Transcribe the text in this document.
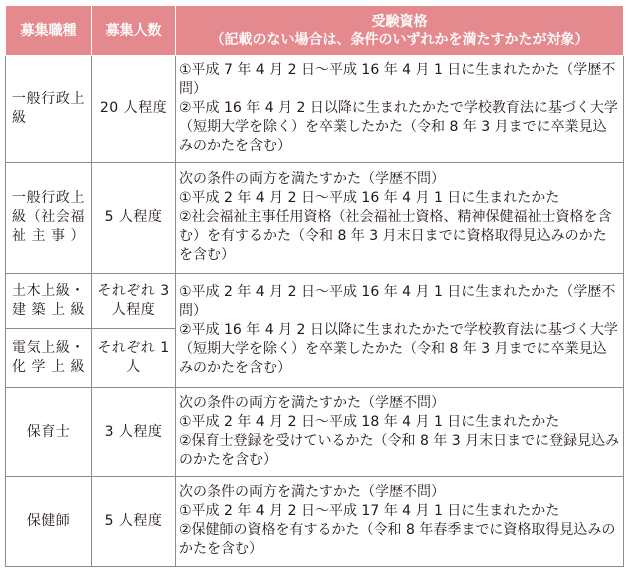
募集職種	募集人数	受験資格
（記載のない場合は、条件のいずれかを満たすかたが対象）

一般行政上級	20 人程度	①平成 7 年 4 月 2 日～平成 16 年 4 月 1 日に生まれたかた（学歴不問）
②平成 16 年 4 月 2 日以降に生まれたかたで学校教育法に基づく大学（短期大学を除く）を卒業したかた（令和 8 年 3 月までに卒業見込みのかたを含む）

一般行政上級（社会福祉主事）	5 人程度	次の条件の両方を満たすかた（学歴不問）
①平成 2 年 4 月 2 日～平成 16 年 4 月 1 日に生まれたかた
②社会福祉主事任用資格（社会福祉士資格、精神保健福祉士資格を含む）を有するかた（令和 8 年 3 月末日までに資格取得見込みのかたを含む）

土木上級・建築上級	それぞれ 3 人程度	①平成 2 年 4 月 2 日～平成 16 年 4 月 1 日に生まれたかた（学歴不問）
②平成 16 年 4 月 2 日以降に生まれたかたで学校教育法に基づく大学（短期大学を除く）を卒業したかた（令和 8 年 3 月までに卒業見込みのかたを含む）

電気上級・化学上級	それぞれ 1 人	
保育士	3 人程度	次の条件の両方を満たすかた（学歴不問）
①平成 2 年 4 月 2 日～平成 18 年 4 月 1 日に生まれたかた
②保育士登録を受けているかた（令和 8 年 3 月末日までに登録見込みのかたを含む）

保健師	5 人程度	次の条件の両方を満たすかた（学歴不問）
①平成 2 年 4 月 2 日～平成 17 年 4 月 1 日に生まれたかた
②保健師の資格を有するかた（令和 8 年春季までに資格取得見込みのかたを含む）
